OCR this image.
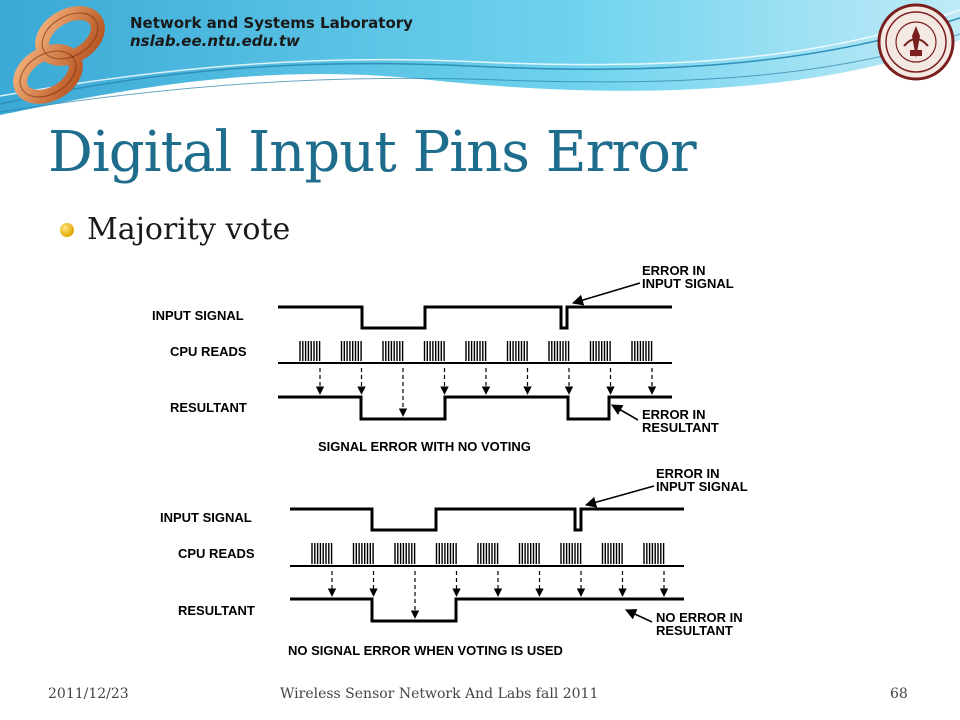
Network and Systems Laboratory
nslab.ee.ntu.edu.tw
Digital Input Pins Error
Majority vote
INPUT SIGNAL
CPU READS
RESULTANT
ERROR IN
INPUT SIGNAL
ERROR IN
RESULTANT
SIGNAL ERROR WITH NO VOTING
INPUT SIGNAL
CPU READS
RESULTANT
ERROR IN
INPUT SIGNAL
NO ERROR IN
RESULTANT
NO SIGNAL ERROR WHEN VOTING IS USED
2011/12/23	Wireless Sensor Network And Labs fall 2011	68
